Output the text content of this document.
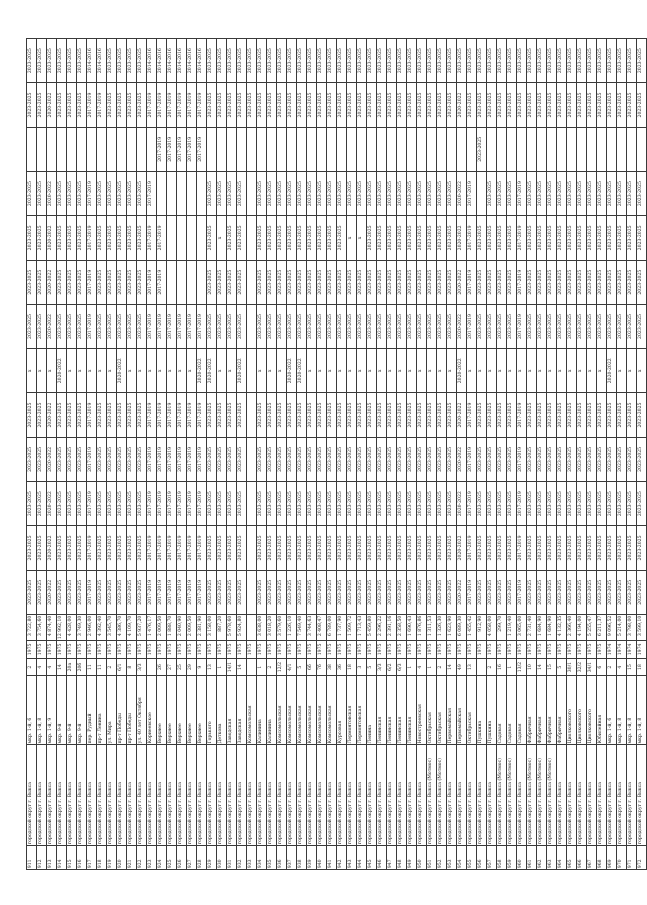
911	городской округ г. Выкса	мкр. 1-й, 6	2	1975	3 722,80	2023-2025	2023-2025	2023-2025	2023-2025	2023-2025	x	2023-2025	2023-2025	2023-2025	2023-2025		2023-2025	2023-2025
912	городской округ г. Выкса	мкр. 1-й, 8	4	1975	3 754,60	2023-2025	2023-2025	2023-2025	2023-2025	2023-2025	x	2023-2025	2023-2025	2023-2025	2023-2025		2023-2025	2023-2025
913	городской округ г. Выкса	мкр. 1-й, 9	4	1975	4 874,40	2020-2022	2020-2022	2020-2022	2020-2022	2020-2022	x	2020-2022	2020-2022	2020-2022	2020-2022		2020-2022	2023-2025
914	городской округ г. Выкса	мкр. 9-й	14	1975	12 992,10	2023-2025	2023-2025	2023-2025	2023-2025	2023-2025	2020-2022	2023-2025	2023-2025	2023-2025	2023-2025		2023-2025	2023-2025
915	городской округ г. Выкса	мкр. 9-й	20а	1975	4 428,00	2023-2025	2023-2025	2023-2025	2023-2025	2023-2025	x	2023-2025	2023-2025	2023-2025	2023-2025		2023-2025	2023-2025
916	городской округ г. Выкса	мкр. 9-й	20б	1975	3 749,30	2023-2025	2023-2025	2023-2025	2023-2025	2023-2025	x	2023-2025	2023-2025	2023-2025	2023-2025		2023-2025	2023-2025
917	городской округ г. Выкса	пер. Рудный	11	1975	2 946,00	2017-2019	2017-2019	2017-2019	2017-2019	2017-2019	x	2017-2019	2017-2019	2017-2019	2017-2019		2017-2019	2014-2016
918	городской округ г. Выкса	пр-т Ленина	11	1975	4 392,40	2023-2025	2023-2025	2023-2025	2023-2025	2023-2025	x	2023-2025	2023-2025	2023-2025	2023-2025		2017-2019	2014-2016
919	городской округ г. Выкса	ул. Мира	2	1975	3 545,70	2023-2025	2023-2025	2023-2025	2023-2025	2023-2025	x	2023-2025	2023-2025	2023-2025	2023-2025		2023-2025	2023-2025
920	городской округ г. Выкса	пр-т Победы	6/1	1975	4 386,70	2023-2025	2023-2025	2023-2025	2023-2025	2023-2025	2020-2022	2023-2025	2023-2025	2023-2025	2023-2025		2023-2025	2023-2025
921	городской округ г. Выкса	пр-т Победы	8	1975	4 109,70	2023-2025	2023-2025	2023-2025	2023-2025	2023-2025	x	2023-2025	2023-2025	2023-2025	2023-2025		2023-2025	2023-2025
922	городской округ г. Выкса	ул. 40 лет Октября	3/3	1975	5 937,20	2023-2025	2023-2025	2023-2025	2023-2025	2023-2025	x	2023-2025	2023-2025	2023-2025	2023-2025		2023-2025	2023-2025
923	городской округ г. Выкса	Корнеевское		1975	1 476,17	2017-2019	2017-2019	2017-2019	2017-2019	2017-2019	x	2017-2019	2017-2019	2017-2019	2017-2019		2017-2019	2014-2016
924	городской округ г. Выкса	Верхнее	26	1975	2 009,50	2017-2019	2017-2019	2017-2019	2017-2019	2017-2019	x	2017-2019	2017-2019	2017-2019		2017-2019	2017-2019	2014-2016
925	городской округ г. Выкса	Верхнее	27	1975	1 888,70	2017-2019	2017-2019	2017-2019	2017-2019	2017-2019	x	2017-2019				2017-2019	2017-2019	2014-2016
926	городской округ г. Выкса	Верхнее	25	1975	2 040,90	2017-2019	2017-2019	2017-2019	2017-2019	2017-2019	x	2017-2019				2017-2019	2017-2019	2014-2016
927	городской округ г. Выкса	Верхнее	29	1975	2 009,50	2017-2019	2017-2019	2017-2019	2017-2019	2017-2019	x	2017-2019				2017-2019	2017-2019	2014-2016
928	городской округ г. Выкса	Верхнее	9	1975	2 381,90	2017-2019	2017-2019	2017-2019	2017-2019	2017-2019	2020-2022	2017-2019				2017-2019	2017-2019	2014-2016
929	городской округ г. Выкса	Горького	13	1975	3 158,00	2023-2025	2023-2025	2023-2025	2023-2025	2023-2025	2020-2022	2023-2025	2023-2025	2023-2025	2023-2025		2023-2025	2023-2025
930	городской округ г. Выкса	Деткова	1	1975	887,20	2023-2025	2023-2025	2023-2025	2023-2025	2023-2025	x	2023-2025	2023-2025	x	2023-2025		2023-2025	2023-2025
931	городской округ г. Выкса	Заводская	14/1	1975	5 978,60	2023-2025	2023-2025	2023-2025	2023-2025	2023-2025	x	2023-2025	2023-2025	2023-2025	2023-2025		2023-2025	2023-2025
932	городской округ г. Выкса	Заводская	14	1975	5 924,80	2023-2025	2023-2025	2023-2025	2023-2025	2023-2025	2020-2022	2023-2025	2023-2025	2023-2025	2023-2025		2023-2025	2023-2025
933	городской округ г. Выкса	Комсомольская		1975													2023-2025	2023-2025
934	городской округ г. Выкса	Калинина	1	1975	3 638,00	2023-2025	2023-2025	2023-2025	2023-2025	2023-2025	x	2023-2025	2023-2025	2023-2025	2023-2025		2023-2025	2023-2025
935	городской округ г. Выкса	Калинина	2	1975	3 018,20	2023-2025	2023-2025	2023-2025	2023-2025	2023-2025	x	2023-2025	2023-2025	2023-2025	2023-2025		2023-2025	2023-2025
936	городской округ г. Выкса	Комсомольская	12/2	1975	3 579,60	2023-2025	2023-2025	2023-2025	2023-2025	2023-2025	x	2023-2025	2023-2025	2023-2025	2023-2025		2023-2025	2023-2025
937	городской округ г. Выкса	Комсомольская	4/1	1975	1 226,10	2023-2025	2023-2025	2023-2025	2023-2025	2023-2025	2020-2022	2023-2025	2023-2025	2023-2025	2023-2025		2023-2025	2023-2025
938	городской округ г. Выкса	Комсомольская	5	1975	7 549,40	2023-2025	2023-2025	2023-2025	2023-2025	2023-2025	2020-2022	2023-2025	2023-2025	2023-2025	2023-2025		2023-2025	2023-2025
939	городской округ г. Выкса	Комсомольская	6б	1975	3 744,63	2023-2025	2023-2025	2023-2025	2023-2025	2023-2025	x	2023-2025	2023-2025	2023-2025	2023-2025		2023-2025	2023-2025
940	городской округ г. Выкса	Комсомольская	7б	1975	2 408,47	2023-2025	2023-2025	2023-2025	2023-2025	2023-2025	x	2023-2025	2023-2025	2023-2025	2023-2025		2023-2025	2023-2025
941	городской округ г. Выкса	Комсомольская	38	1975	6 789,00	2023-2025	2023-2025	2023-2025	2023-2025	2023-2025	x	2023-2025	2023-2025	2023-2025	2023-2025		2023-2025	2023-2025
942	городской округ г. Выкса	Курсовая	36	1975	1 737,90	2023-2025	2023-2025	2023-2025	2023-2025	2023-2025	x	2023-2025	2023-2025	2023-2025	2023-2025		2023-2025	2023-2025
943	городской округ г. Выкса	Лермонтовская	18	1975	1 509,72	2023-2025	2023-2025	2023-2025	2023-2025	2023-2025	x	2023-2025	2023-2025	x	2023-2025		2023-2025	2023-2025
944	городской округ г. Выкса	Лермонтовская	3	1975	1 713,43	2023-2025	2023-2025	2023-2025	2023-2025	2023-2025	x	2023-2025	2023-2025	x	2023-2025		2023-2025	2023-2025
945	городской округ г. Выкса	Ленина	5	1975	5 459,80	2023-2025	2023-2025	2023-2025	2023-2025	2023-2025	x	2023-2025	2023-2025	2023-2025	2023-2025		2023-2025	2023-2025
946	городской округ г. Выкса	Ленинская	3/3	1975	2 296,22	2023-2025	2023-2025	2023-2025	2023-2025	2023-2025	x	2023-2025	2023-2025	2023-2025	2023-2025		2023-2025	2023-2025
947	городской округ г. Выкса	Ленинская	6/2	1975	2 391,16	2023-2025	2023-2025	2023-2025	2023-2025	2023-2025	x	2023-2025	2023-2025	2023-2025	2023-2025		2023-2025	2023-2025
948	городской округ г. Выкса	Ленинская	6/3	1975	2 358,50	2023-2025	2023-2025	2023-2025	2023-2025	2023-2025	x	2023-2025	2023-2025	2023-2025	2023-2025		2023-2025	2023-2025
949	городской округ г. Выкса	Ленинская	1	1975	1 690,43	2023-2025	2023-2025	2023-2025	2023-2025	2023-2025	x	2023-2025	2023-2025	2023-2025	2023-2025		2023-2025	2023-2025
950	городской округ г. Выкса	Новостроевская	4	1975	1 876,86	2023-2025	2023-2025	2023-2025	2023-2025	2023-2025	x	2023-2025	2023-2025	2023-2025	2023-2025		2023-2025	2023-2025
951	городской округ г. Выкса (Мотмос)	Октябрьская	1	1975	1 311,53	2023-2025	2023-2025	2023-2025	2023-2025	2023-2025	x	2023-2025	2023-2025	2023-2025	2023-2025		2023-2025	2023-2025
952	городской округ г. Выкса (Мотмос)	Октябрьская	2	1975	1 326,30	2023-2025	2023-2025	2023-2025	2023-2025	2023-2025	x	2023-2025	2023-2025	2023-2025	2023-2025		2023-2025	2023-2025
953	городской округ г. Выкса	Первомайская	14	1975	1 623,90	2023-2025	2023-2025	2023-2025	2023-2025	2023-2025	x	2023-2025	2023-2025	2023-2025	2023-2025		2023-2025	2023-2025
954	городской округ г. Выкса	Первомайская	49	1975	6 089,30	2020-2022	2020-2022	2020-2022	2020-2022	2020-2022	2020-2022	2020-2022	2020-2022	2020-2022	2020-2022		2020-2022	2023-2025
955	городской округ г. Выкса	Октябрьская	13	1975	1 455,42	2017-2019	2017-2019	2017-2019	2017-2019	2017-2019	x	2017-2019	2017-2019	2017-2019	2017-2019		2023-2025	2023-2025
956	городской округ г. Выкса	Пушкина		1975	912,90	2023-2025	2023-2025	2023-2025	2023-2025	2023-2025	x	2023-2025	2023-2025	2023-2025		2023-2025	2023-2025	2023-2025
957	городской округ г. Выкса	Пушкина	2	1975	4 058,00	2023-2025	2023-2025	2023-2025	2023-2025	2023-2025	x	2023-2025	2023-2025	2023-2025	2023-2025		2023-2025	2023-2025
958	городской округ г. Выкса (Мотмос)	Садовая	16	1975	299,70	2023-2025	2023-2025	2023-2025	2023-2025	2023-2025	x	2023-2025	2023-2025	2023-2025	2023-2025		2023-2025	2023-2025
959	городской округ г. Выкса (Мотмос)	Садовая	1	1975	1 219,40	2023-2025	2023-2025	2023-2025	2023-2025	2023-2025	x	2023-2025	2023-2025	2023-2025	2023-2025		2023-2025	2023-2025
960	городской округ г. Выкса	Садовая	13/2	1975	3 065,00	2017-2019	2017-2019	2017-2019	2017-2019	2017-2019	x	2017-2019	2017-2019	2017-2019	2017-2019		2023-2025	2023-2025
961	городской округ г. Выкса (Мотмос)	Фабричная	10	1975	2 731,40	2023-2025	2023-2025	2023-2025	2023-2025	2023-2025	x	2023-2025	2023-2025	2023-2025	2023-2025		2023-2025	2023-2025
962	городской округ г. Выкса (Мотмос)	Фабричная	14	1975	1 684,90	2023-2025	2023-2025	2023-2025	2023-2025	2023-2025	x	2023-2025	2023-2025	2023-2025	2023-2025		2023-2025	2023-2025
963	городской округ г. Выкса (Мотмос)	Фабричная	15	1975	1 684,90	2023-2025	2023-2025	2023-2025	2023-2025	2023-2025	x	2023-2025	2023-2025	2023-2025	2023-2025		2023-2025	2023-2025
964	городской округ г. Выкса	Фабричная	5	1975	4 132,35	2023-2025	2023-2025	2023-2025	2023-2025	2023-2025	x	2023-2025	2023-2025	2023-2025	2023-2025		2023-2025	2023-2025
965	городской округ г. Выкса	Циолковского	30/1	1975	2 366,40	2023-2025	2023-2025	2023-2025	2023-2025	2023-2025	x	2023-2025	2023-2025	2023-2025	2023-2025		2023-2025	2023-2025
966	городской округ г. Выкса	Циолковского	32/2	1975	4 194,00	2023-2025	2023-2025	2023-2025	2023-2025	2023-2025	x	2023-2025	2023-2025	2023-2025	2023-2025		2023-2025	2023-2025
967	городской округ г. Выкса	Циолковского	34/1	1975	5 255,47	2023-2025	2023-2025	2023-2025	2023-2025	2023-2025	x	2023-2025	2023-2025	2023-2025	2023-2025		2023-2025	2023-2025
968	городской округ г. Выкса	Юбилейная	6	1975	6 211,37	2023-2025	2023-2025	2023-2025	2023-2025	2023-2025	x	2023-2025	2023-2025	2023-2025	2023-2025		2023-2025	2023-2025
969	городской округ г. Выкса	мкр. 1-й, 6	2	1974	9 096,52	2023-2025	2023-2025	2023-2025	2023-2025	2023-2025	2020-2022	2023-2025	2023-2025	2023-2025	2023-2025		2023-2025	2023-2025
970	городской округ г. Выкса	мкр. 1-й, 8	4	1974	5 214,00	2023-2025	2023-2025	2023-2025	2023-2025	2023-2025	x	2023-2025	2023-2025	2023-2025	2023-2025		2023-2025	2023-2025
971	городской округ г. Выкса	мкр. 1-й, 8	15	1974	3 798,00	2023-2025	2023-2025	2023-2025	2023-2025	2023-2025	x	2023-2025	2023-2025	2023-2025	2023-2025		2023-2025	2023-2025
972	городской округ г. Выкса	мкр. 1-й, 8	18	1974	3 599,10	2023-2025	2023-2025	2023-2025	2023-2025	2023-2025	x	2023-2025	2023-2025	2023-2025	2023-2025		2023-2025	2023-2025
